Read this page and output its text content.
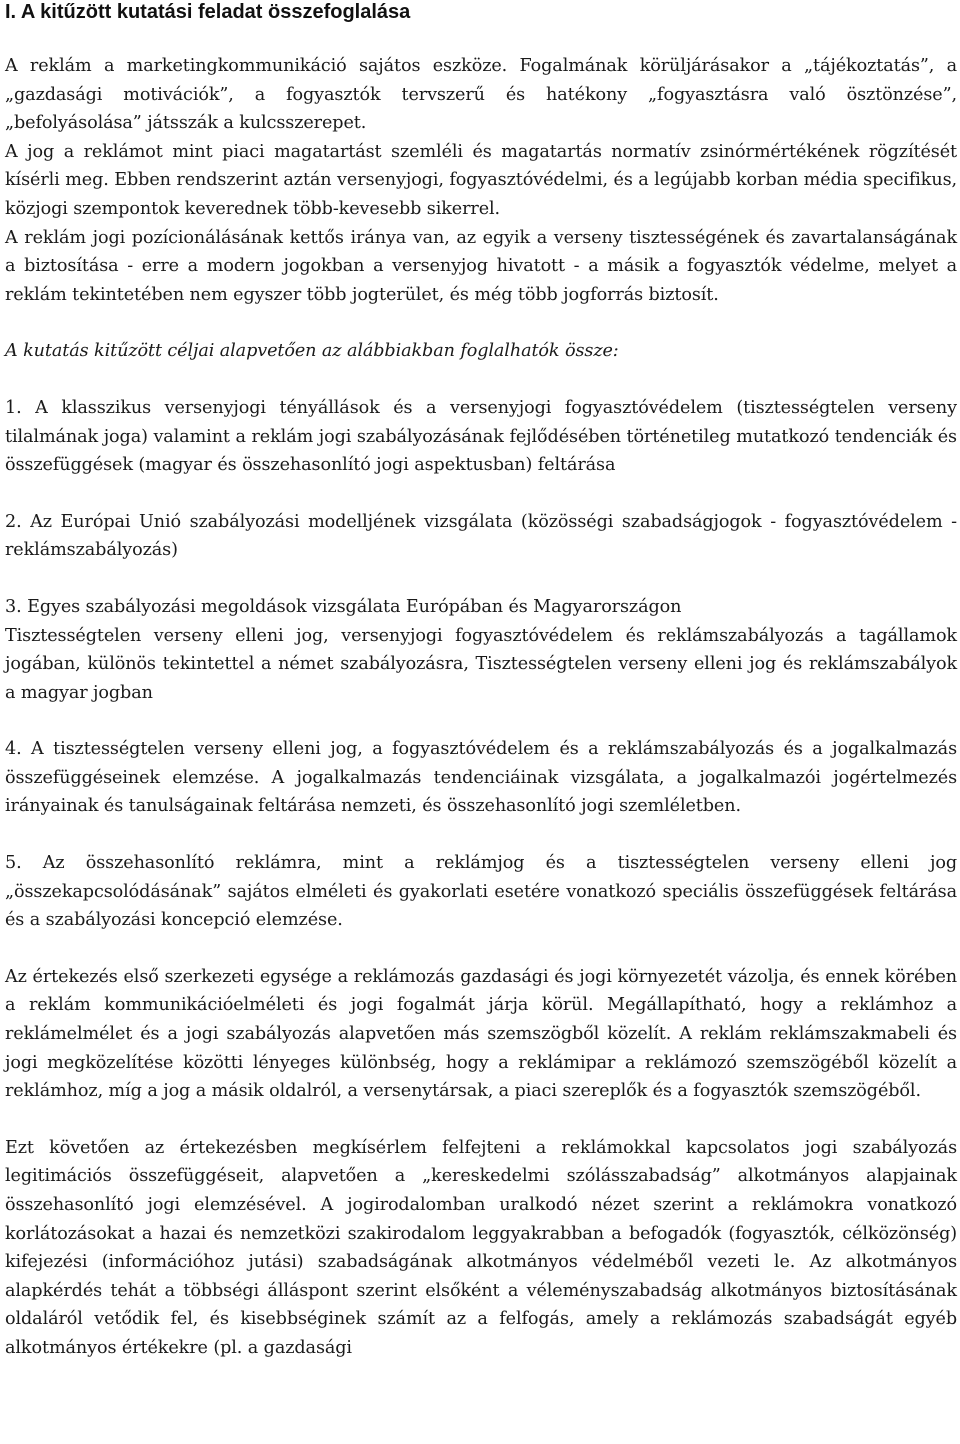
I. A kitűzött kutatási feladat összefoglalása

A reklám a marketingkommunikáció sajátos eszköze. Fogalmának körüljárásakor a „tájékoztatás”, a „gazdasági motivációk”, a fogyasztók tervszerű és hatékony „fogyasztásra való ösztönzése”, „befolyásolása” játsszák a kulcsszerepet.

A jog a reklámot mint piaci magatartást szemléli és magatartás normatív zsinórmértékének rögzítését kísérli meg. Ebben rendszerint aztán versenyjogi, fogyasztóvédelmi, és a legújabb korban média specifikus, közjogi szempontok keverednek több-kevesebb sikerrel.

A reklám jogi pozícionálásának kettős iránya van, az egyik a verseny tisztességének és zavartalanságának a biztosítása - erre a modern jogokban a versenyjog hivatott - a másik a fogyasztók védelme, melyet a reklám tekintetében nem egyszer több jogterület, és még több jogforrás biztosít.

A kutatás kitűzött céljai alapvetően az alábbiakban foglalhatók össze:

1. A klasszikus versenyjogi tényállások és a versenyjogi fogyasztóvédelem (tisztességtelen verseny tilalmának joga) valamint a reklám jogi szabályozásának fejlődésében történetileg mutatkozó tendenciák és összefüggések (magyar és összehasonlító jogi aspektusban) feltárása

2. Az Európai Unió szabályozási modelljének vizsgálata (közösségi szabadságjogok - fogyasztóvédelem - reklámszabályozás)

3. Egyes szabályozási megoldások vizsgálata Európában és Magyarországon

Tisztességtelen verseny elleni jog, versenyjogi fogyasztóvédelem és reklámszabályozás a tagállamok jogában, különös tekintettel a német szabályozásra, Tisztességtelen verseny elleni jog és reklámszabályok a magyar jogban

4. A tisztességtelen verseny elleni jog, a fogyasztóvédelem és a reklámszabályozás és a jogalkalmazás összefüggéseinek elemzése. A jogalkalmazás tendenciáinak vizsgálata, a jogalkalmazói jogértelmezés irányainak és tanulságainak feltárása nemzeti, és összehasonlító jogi szemléletben.

5. Az összehasonlító reklámra, mint a reklámjog és a tisztességtelen verseny elleni jog „összekapcsolódásának” sajátos elméleti és gyakorlati esetére vonatkozó speciális összefüggések feltárása és a szabályozási koncepció elemzése.

Az értekezés első szerkezeti egysége a reklámozás gazdasági és jogi környezetét vázolja, és ennek körében a reklám kommunikációelméleti és jogi fogalmát járja körül. Megállapítható, hogy a reklámhoz a reklámelmélet és a jogi szabályozás alapvetően más szemszögből közelít. A reklám reklámszakmabeli és jogi megközelítése közötti lényeges különbség, hogy a reklámipar a reklámozó szemszögéből közelít a reklámhoz, míg a jog a másik oldalról, a versenytársak, a piaci szereplők és a fogyasztók szemszögéből.

Ezt követően az értekezésben megkísérlem felfejteni a reklámokkal kapcsolatos jogi szabályozás legitimációs összefüggéseit, alapvetően a „kereskedelmi szólásszabadság” alkotmányos alapjainak összehasonlító jogi elemzésével. A jogirodalomban uralkodó nézet szerint a reklámokra vonatkozó korlátozásokat a hazai és nemzetközi szakirodalom leggyakrabban a befogadók (fogyasztók, célközönség) kifejezési (információhoz jutási) szabadságának alkotmányos védelméből vezeti le. Az alkotmányos alapkérdés tehát a többségi álláspont szerint elsőként a véleményszabadság alkotmányos biztosításának oldaláról vetődik fel, és kisebbséginek számít az a felfogás, amely a reklámozás szabadságát egyéb alkotmányos értékekre (pl. a gazdasági
